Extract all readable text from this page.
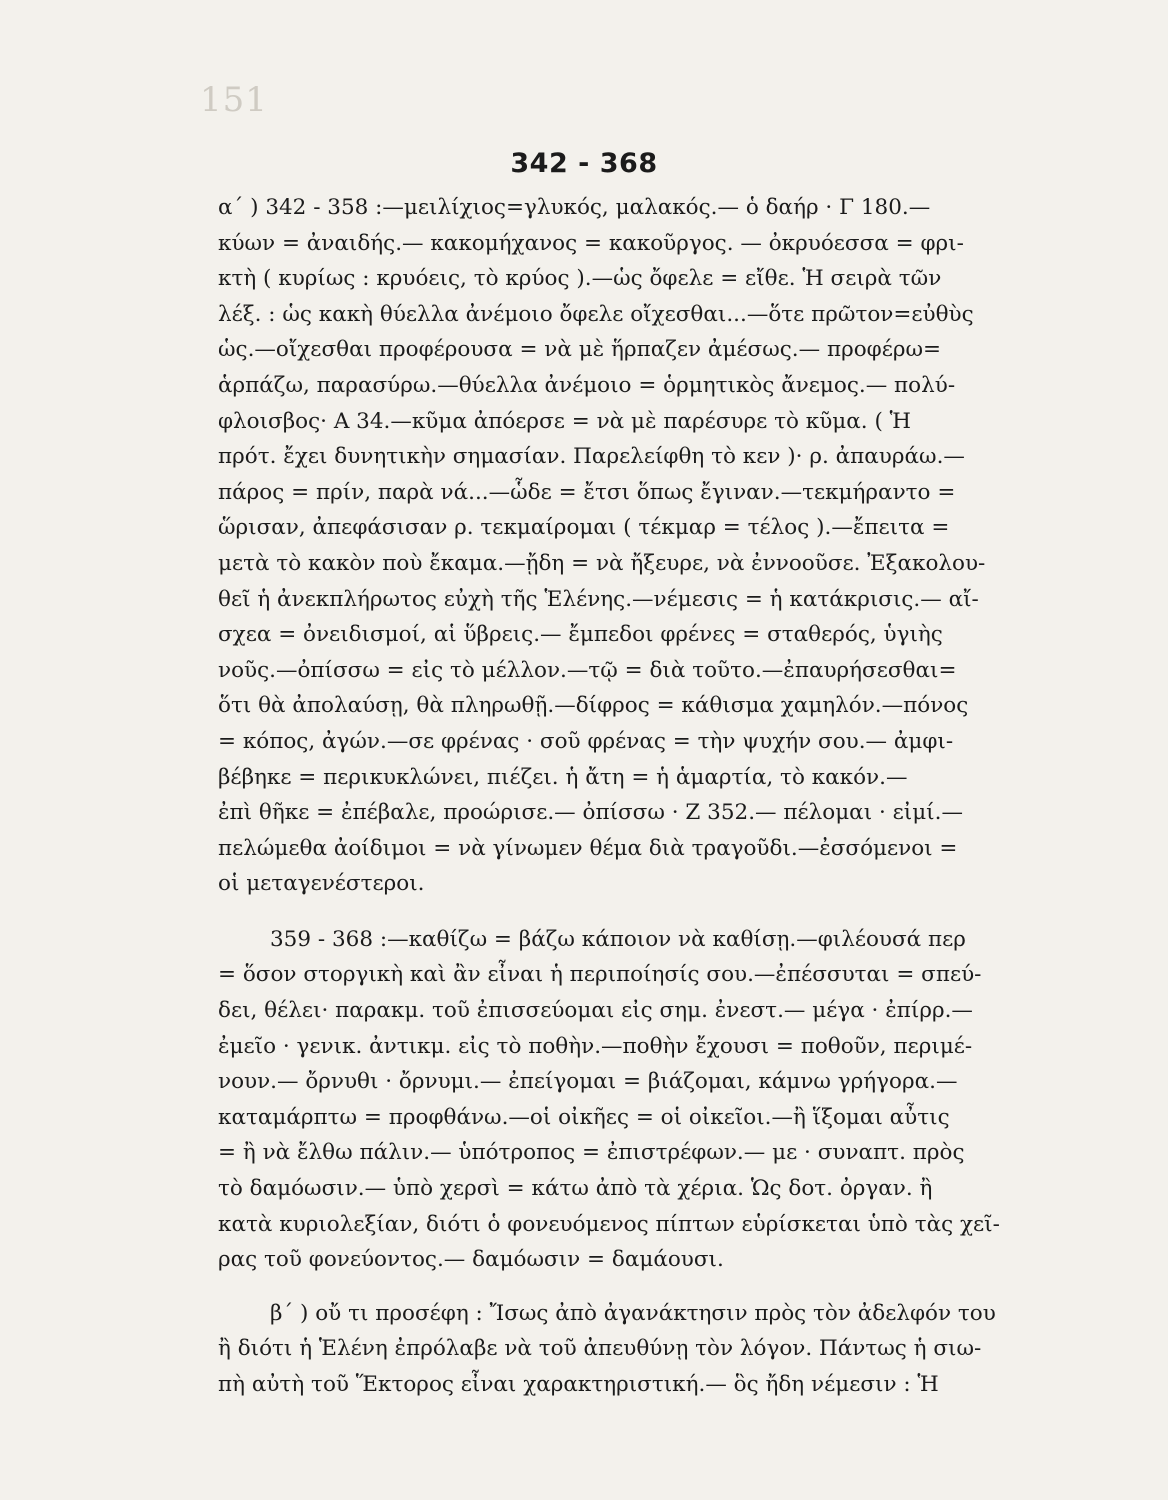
151
342 - 368
α΄ ) 342 - 358 :—μειλίχιος=γλυκός, μαλακός.— ὁ δαήρ · Γ 180.—
κύων = ἀναιδής.— κακομήχανος = κακοῦργος. — ὀκρυόεσσα = φρι-
κτὴ ( κυρίως : κρυόεις, τὸ κρύος ).—ὡς ὄφελε = εἴθε. Ἡ σειρὰ τῶν
λέξ. : ὡς κακὴ θύελλα ἀνέμοιο ὄφελε οἴχεσθαι...—ὅτε πρῶτον=εὐθὺς
ὡς.—οἴχεσθαι προφέρουσα = νὰ μὲ ἥρπαζεν ἀμέσως.— προφέρω=
ἁρπάζω, παρασύρω.—θύελλα ἀνέμοιο = ὁρμητικὸς ἄνεμος.— πολύ-
φλοισβος· Α 34.—κῦμα ἀπόερσε = νὰ μὲ παρέσυρε τὸ κῦμα. ( Ἡ
πρότ. ἔχει δυνητικὴν σημασίαν. Παρελείφθη τὸ κεν )· ρ. ἀπαυράω.—
πάρος = πρίν, παρὰ νά...—ὧδε = ἔτσι ὅπως ἔγιναν.—τεκμήραντο =
ὥρισαν, ἀπεφάσισαν ρ. τεκμαίρομαι ( τέκμαρ = τέλος ).—ἔπειτα =
μετὰ τὸ κακὸν ποὺ ἔκαμα.—ᾔδη = νὰ ἤξευρε, νὰ ἐννοοῦσε. Ἐξακολου-
θεῖ ἡ ἀνεκπλήρωτος εὐχὴ τῆς Ἑλένης.—νέμεσις = ἡ κατάκρισις.— αἴ-
σχεα = ὀνειδισμοί, αἱ ὕβρεις.— ἔμπεδοι φρένες = σταθερός, ὑγιὴς
νοῦς.—ὀπίσσω = εἰς τὸ μέλλον.—τῷ = διὰ τοῦτο.—ἐπαυρήσεσθαι=
ὅτι θὰ ἀπολαύσῃ, θὰ πληρωθῇ.—δίφρος = κάθισμα χαμηλόν.—πόνος
= κόπος, ἀγών.—σε φρένας · σοῦ φρένας = τὴν ψυχήν σου.— ἀμφι-
βέβηκε = περικυκλώνει, πιέζει. ἡ ἄτη = ἡ ἁμαρτία, τὸ κακόν.—
ἐπὶ θῆκε = ἐπέβαλε, προώρισε.— ὀπίσσω · Ζ 352.— πέλομαι · εἰμί.—
πελώμεθα ἀοίδιμοι = νὰ γίνωμεν θέμα διὰ τραγοῦδι.—ἐσσόμενοι =
οἱ μεταγενέστεροι.
359 - 368 :—καθίζω = βάζω κάποιον νὰ καθίσῃ.—φιλέουσά περ
= ὅσον στοργικὴ καὶ ἂν εἶναι ἡ περιποίησίς σου.—ἐπέσσυται = σπεύ-
δει, θέλει· παρακμ. τοῦ ἐπισσεύομαι εἰς σημ. ἐνεστ.— μέγα · ἐπίρρ.—
ἐμεῖο · γενικ. ἀντικμ. εἰς τὸ ποθὴν.—ποθὴν ἔχουσι = ποθοῦν, περιμέ-
νουν.— ὄρνυθι · ὄρνυμι.— ἐπείγομαι = βιάζομαι, κάμνω γρήγορα.—
καταμάρπτω = προφθάνω.—οἱ οἰκῆες = οἱ οἰκεῖοι.—ἢ ἵξομαι αὖτις
= ἢ νὰ ἔλθω πάλιν.— ὑπότροπος = ἐπιστρέφων.— με · συναπτ. πρὸς
τὸ δαμόωσιν.— ὑπὸ χερσὶ = κάτω ἀπὸ τὰ χέρια. Ὡς δοτ. ὀργαν. ἢ
κατὰ κυριολεξίαν, διότι ὁ φονευόμενος πίπτων εὑρίσκεται ὑπὸ τὰς χεῖ-
ρας τοῦ φονεύοντος.— δαμόωσιν = δαμάουσι.
β΄ ) οὔ τι προσέφη : Ἴσως ἀπὸ ἀγανάκτησιν πρὸς τὸν ἀδελφόν του
ἢ διότι ἡ Ἑλένη ἐπρόλαβε νὰ τοῦ ἀπευθύνῃ τὸν λόγον. Πάντως ἡ σιω-
πὴ αὐτὴ τοῦ Ἕκτορος εἶναι χαρακτηριστική.— ὃς ἤδη νέμεσιν : Ἡ
